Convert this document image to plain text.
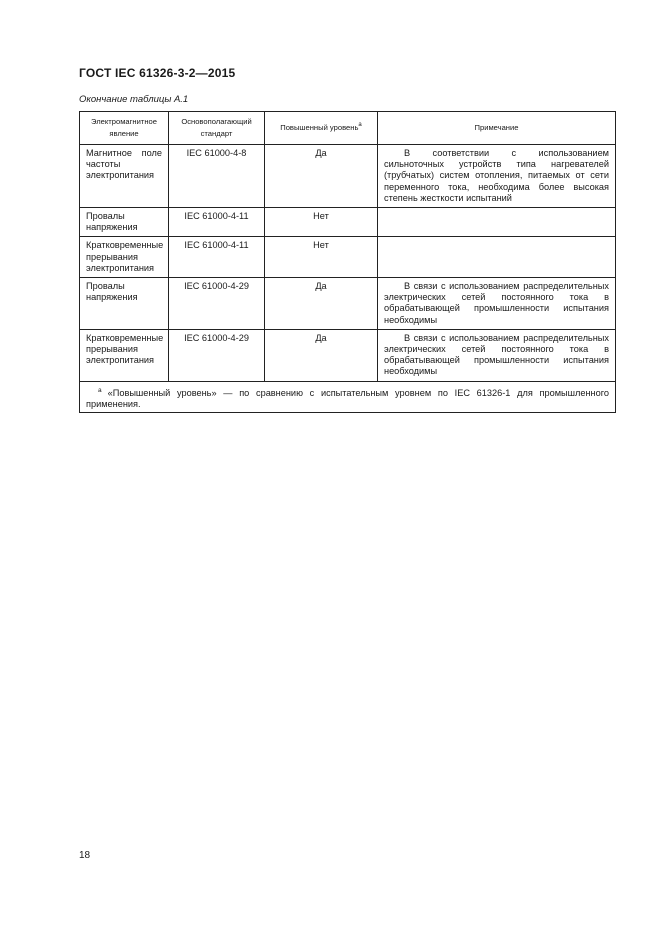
ГОСТ IEC 61326-3-2—2015
Окончание таблицы А.1
Электромагнитное явление	Основополагающий стандарт	Повышенный уровень$^a$	Примечание
Магнитное поле частоты электропитания	IEC 61000-4-8	Да	В соответствии с использованием сильноточных устройств типа нагревателей (трубчатых) систем отопления, питаемых от сети переменного тока, необходима более высокая степень жесткости испытаний
Провалы напряжения	IEC 61000-4-11	Нет	
Кратковременные прерывания электропитания	IEC 61000-4-11	Нет	
Провалы напряжения	IEC 61000-4-29	Да	В связи с использованием распределительных электрических сетей постоянного тока в обрабатывающей промышленности испытания необходимы
Кратковременные прерывания электропитания	IEC 61000-4-29	Да	В связи с использованием распределительных электрических сетей постоянного тока в обрабатывающей промышленности испытания необходимы
$^a$ «Повышенный уровень» — по сравнению с испытательным уровнем по IEC 61326-1 для промышленного применения.			
18
